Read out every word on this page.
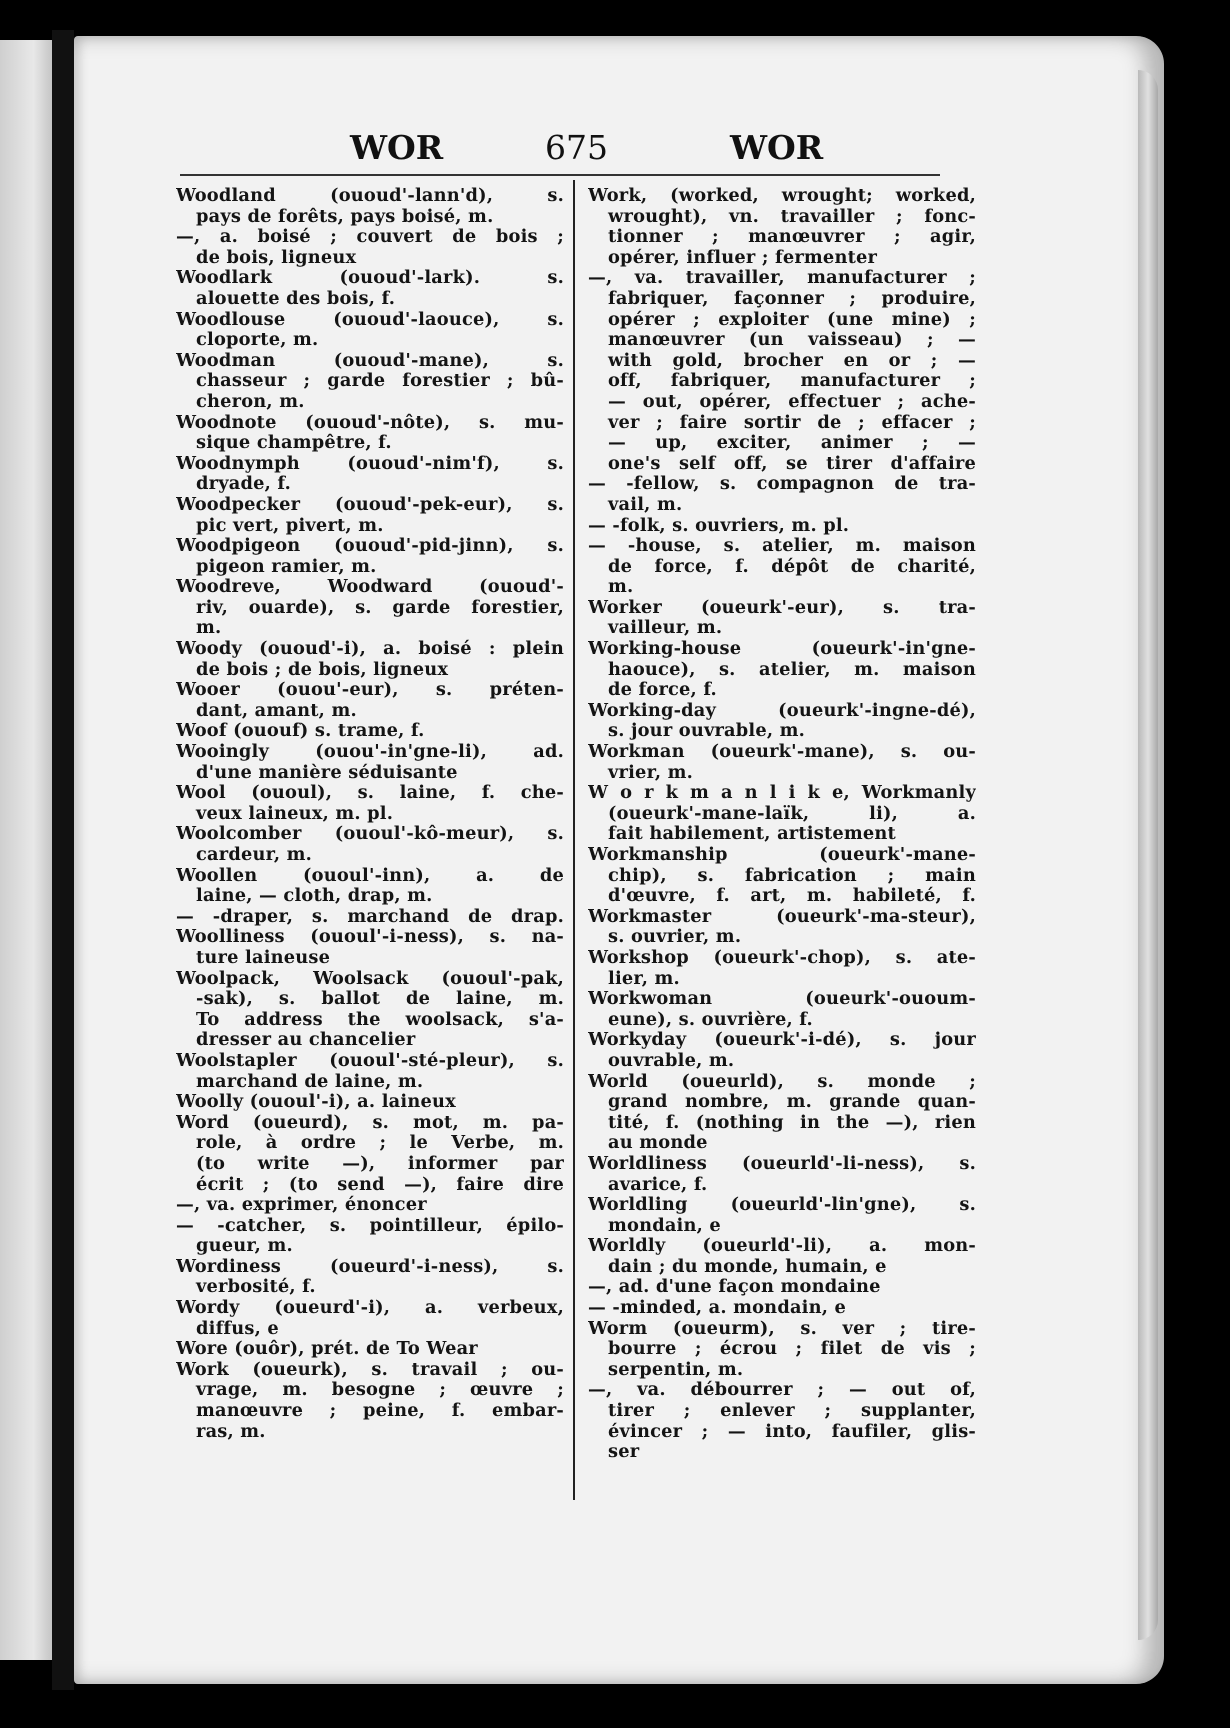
WOR	675	WOR
Woodland (ououd'-lann'd), s.
pays de forêts, pays boisé, m.
—, a. boisé ; couvert de bois ;
de bois, ligneux
Woodlark (ououd'-lark). s.
alouette des bois, f.
Woodlouse (ououd'-laouce), s.
cloporte, m.
Woodman (ououd'-mane), s.
chasseur ; garde forestier ; bû-
cheron, m.
Woodnote (ououd'-nôte), s. mu-
sique champêtre, f.
Woodnymph (ououd'-nim'f), s.
dryade, f.
Woodpecker (ououd'-pek-eur), s.
pic vert, pivert, m.
Woodpigeon (ououd'-pid-jinn), s.
pigeon ramier, m.
Woodreve, Woodward (ououd'-
riv, ouarde), s. garde forestier,
m.
Woody (ououd'-i), a. boisé : plein
de bois ; de bois, ligneux
Wooer (ouou'-eur), s. préten-
dant, amant, m.
Woof (ououf) s. trame, f.
Wooingly (ouou'-in'gne-li), ad.
d'une manière séduisante
Wool (ououl), s. laine, f. che-
veux laineux, m. pl.
Woolcomber (ououl'-kô-meur), s.
cardeur, m.
Woollen (ououl'-inn), a. de
laine, — cloth, drap, m.
— -draper, s. marchand de drap.
Woolliness (ououl'-i-ness), s. na-
ture laineuse
Woolpack, Woolsack (ououl'-pak,
-sak), s. ballot de laine, m.
To address the woolsack, s'a-
dresser au chancelier
Woolstapler (ououl'-sté-pleur), s.
marchand de laine, m.
Woolly (ououl'-i), a. laineux
Word (oueurd), s. mot, m. pa-
role, à ordre ; le Verbe, m.
(to write —), informer par
écrit ; (to send —), faire dire
—, va. exprimer, énoncer
— -catcher, s. pointilleur, épilo-
gueur, m.
Wordiness (oueurd'-i-ness), s.
verbosité, f.
Wordy (oueurd'-i), a. verbeux,
diffus, e
Wore (ouôr), prét. de To Wear
Work (oueurk), s. travail ; ou-
vrage, m. besogne ; œuvre ;
manœuvre ; peine, f. embar-
ras, m.
Work, (worked, wrought; worked,
wrought), vn. travailler ; fonc-
tionner ; manœuvrer ; agir,
opérer, influer ; fermenter
—, va. travailler, manufacturer ;
fabriquer, façonner ; produire,
opérer ; exploiter (une mine) ;
manœuvrer (un vaisseau) ; —
with gold, brocher en or ; —
off, fabriquer, manufacturer ;
— out, opérer, effectuer ; ache-
ver ; faire sortir de ; effacer ;
— up, exciter, animer ; —
one's self off, se tirer d'affaire
— -fellow, s. compagnon de tra-
vail, m.
— -folk, s. ouvriers, m. pl.
— -house, s. atelier, m. maison
de force, f. dépôt de charité,
m.
Worker (oueurk'-eur), s. tra-
vailleur, m.
Working-house (oueurk'-in'gne-
haouce), s. atelier, m. maison
de force, f.
Working-day (oueurk'-ingne-dé),
s. jour ouvrable, m.
Workman (oueurk'-mane), s. ou-
vrier, m.
W o r k m a n l i k e, Workmanly
(oueurk'-mane-laïk, li), a.
fait habilement, artistement
Workmanship (oueurk'-mane-
chip), s. fabrication ; main
d'œuvre, f. art, m. habileté, f.
Workmaster (oueurk'-ma-steur),
s. ouvrier, m.
Workshop (oueurk'-chop), s. ate-
lier, m.
Workwoman (oueurk'-ououm-
eune), s. ouvrière, f.
Workyday (oueurk'-i-dé), s. jour
ouvrable, m.
World (oueurld), s. monde ;
grand nombre, m. grande quan-
tité, f. (nothing in the —), rien
au monde
Worldliness (oueurld'-li-ness), s.
avarice, f.
Worldling (oueurld'-lin'gne), s.
mondain, e
Worldly (oueurld'-li), a. mon-
dain ; du monde, humain, e
—, ad. d'une façon mondaine
— -minded, a. mondain, e
Worm (oueurm), s. ver ; tire-
bourre ; écrou ; filet de vis ;
serpentin, m.
—, va. débourrer ; — out of,
tirer ; enlever ; supplanter,
évincer ; — into, faufiler, glis-
ser
